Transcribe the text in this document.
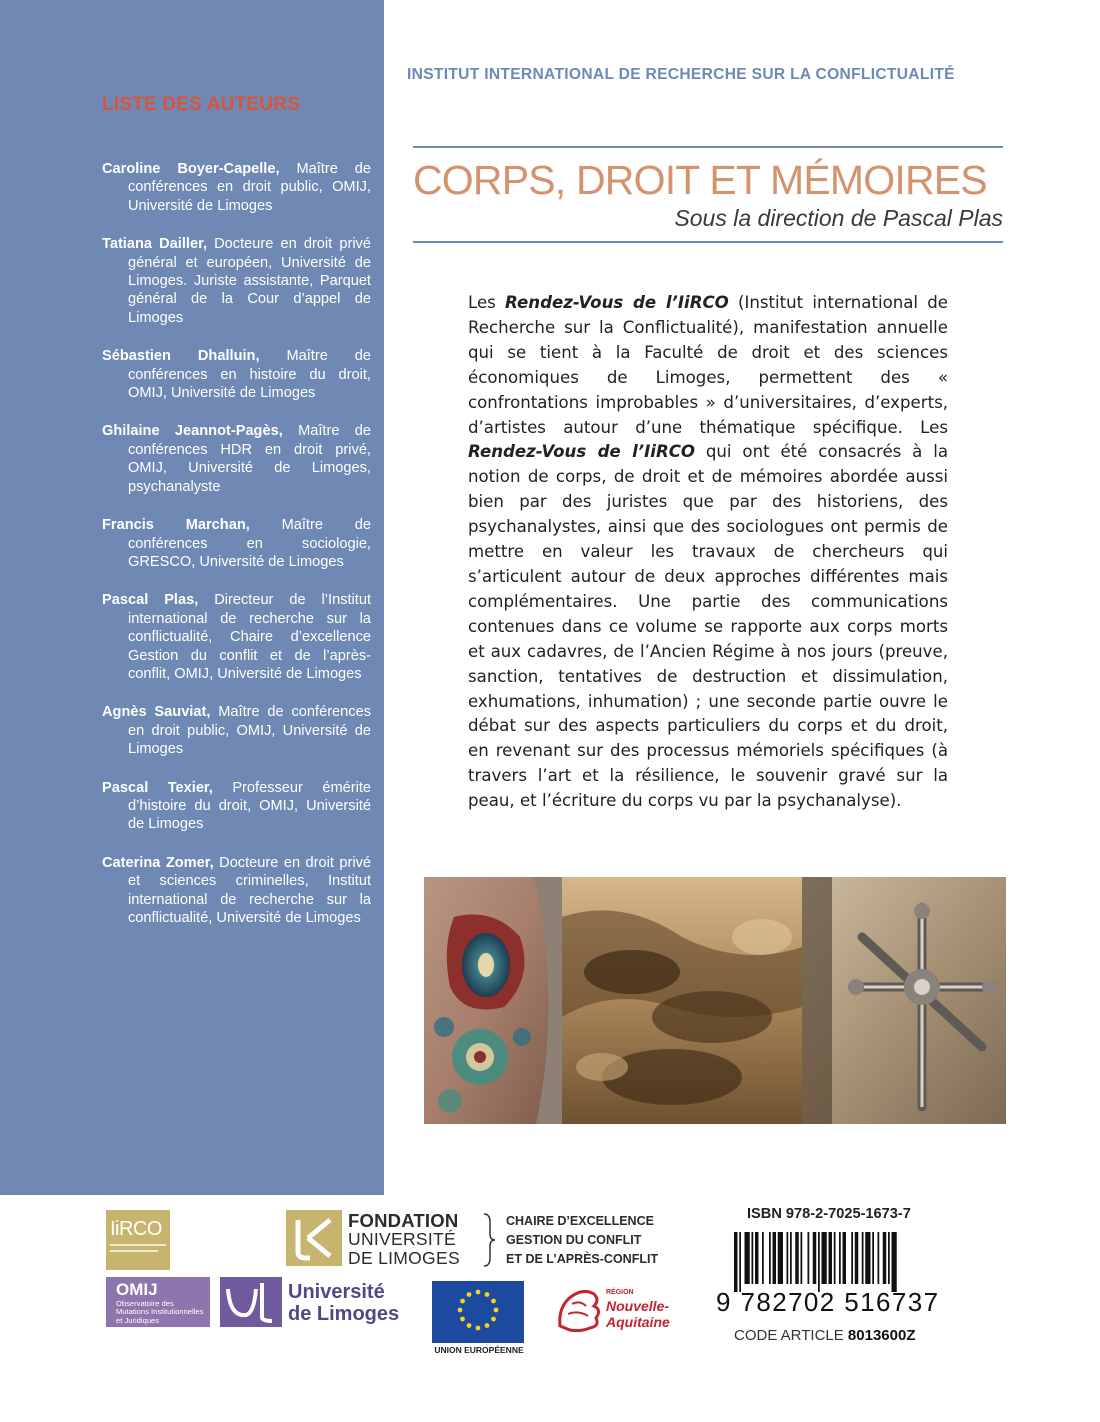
LISTE DES AUTEURS

Caroline Boyer-Capelle, Maître de conférences en droit public, OMIJ, Université de Limoges

Tatiana Dailler, Docteure en droit privé général et européen, Université de Limoges. Juriste assistante, Parquet général de la Cour d’appel de Limoges

Sébastien Dhalluin, Maître de conférences en histoire du droit, OMIJ, Université de Limoges

Ghilaine Jeannot-Pagès, Maître de conférences HDR en droit privé, OMIJ, Université de Limoges, psychanalyste

Francis Marchan, Maître de conférences en sociologie, GRESCO, Université de Limoges

Pascal Plas, Directeur de l’Institut international de recherche sur la conflictualité, Chaire d’excellence Gestion du conflit et de l’après-conflit, OMIJ, Université de Limoges

Agnès Sauviat, Maître de conférences en droit public, OMIJ, Université de Limoges

Pascal Texier, Professeur émérite d’histoire du droit, OMIJ, Université de Limoges

Caterina Zomer, Docteure en droit privé et sciences criminelles, Institut international de recherche sur la conflictualité, Université de Limoges

INSTITUT INTERNATIONAL DE RECHERCHE SUR LA CONFLICTUALITÉ
CORPS, DROIT ET MÉMOIRES
Sous la direction de Pascal Plas

Les Rendez-Vous de l’IiRCO (Institut international de Recherche sur la Conflictualité), manifestation annuelle qui se tient à la Faculté de droit et des sciences économiques de Limoges, permettent des « confrontations improbables » d’universitaires, d’experts, d’artistes autour d’une thématique spécifique. Les Rendez-Vous de l’IiRCO qui ont été consacrés à la notion de corps, de droit et de mémoires abordée aussi bien par des juristes que par des historiens, des psychanalystes, ainsi que des sociologues ont permis de mettre en valeur les travaux de chercheurs qui s’articulent autour de deux approches différentes mais complémentaires. Une partie des communications contenues dans ce volume se rapporte aux corps morts et aux cadavres, de l’Ancien Régime à nos jours (preuve, sanction, tentatives de destruction et dissimulation, exhumations, inhumation) ; une seconde partie ouvre le débat sur des aspects particuliers du corps et du droit, en revenant sur des processus mémoriels spécifiques (à travers l’art et la résilience, le souvenir gravé sur la peau, et l’écriture du corps vu par la psychanalyse).

IiRCO	FONDATION
UNIVERSITÉ
DE LIMOGES
CHAIRE D’EXCELLENCE
GESTION DU CONFLIT
ET DE L’APRÈS-CONFLIT
OMIJ
Observatoire des Mutations Institutionnelles et Juridiques
Université
de Limoges
UNION EUROPÉENNE
RÉGION
Nouvelle-
Aquitaine
ISBN 978-2-7025-1673-7
9 782702 516737
CODE ARTICLE 8013600Z
